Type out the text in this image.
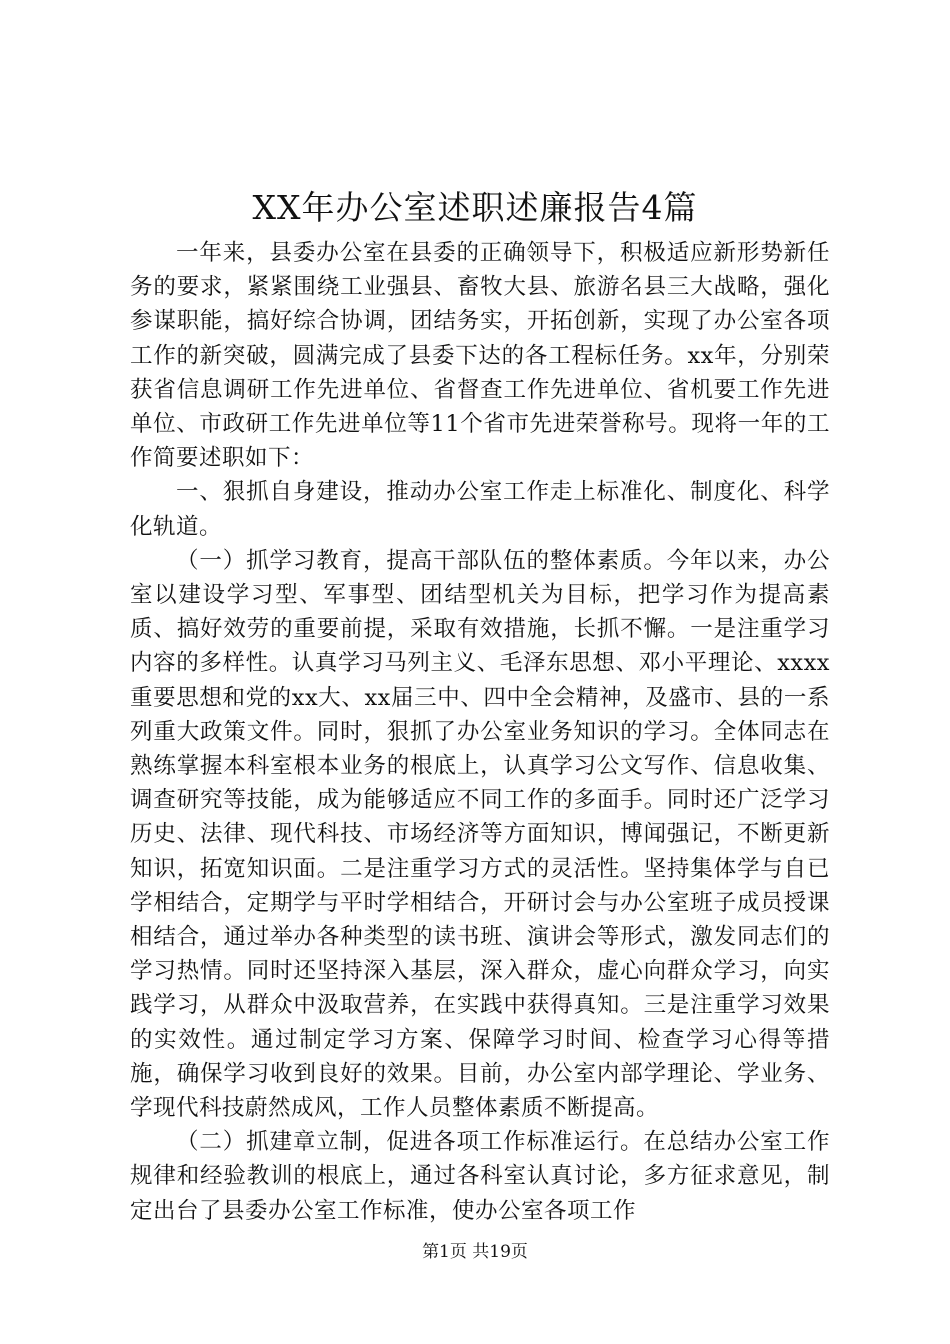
XX年办公室述职述廉报告4篇

一年来，县委办公室在县委的正确领导下，积极适应新形势新任务的要求，紧紧围绕工业强县、畜牧大县、旅游名县三大战略，强化参谋职能，搞好综合协调，团结务实，开拓创新，实现了办公室各项工作的新突破，圆满完成了县委下达的各工程标任务。xx年，分别荣获省信息调研工作先进单位、省督查工作先进单位、省机要工作先进单位、市政研工作先进单位等11个省市先进荣誉称号。现将一年的工作简要述职如下：

一、狠抓自身建设，推动办公室工作走上标准化、制度化、科学化轨道。

（一）抓学习教育，提高干部队伍的整体素质。今年以来，办公室以建设学习型、军事型、团结型机关为目标，把学习作为提高素质、搞好效劳的重要前提，采取有效措施，长抓不懈。一是注重学习内容的多样性。认真学习马列主义、毛泽东思想、邓小平理论、xxxx重要思想和党的xx大、xx届三中、四中全会精神，及盛市、县的一系列重大政策文件。同时，狠抓了办公室业务知识的学习。全体同志在熟练掌握本科室根本业务的根底上，认真学习公文写作、信息收集、调查研究等技能，成为能够适应不同工作的多面手。同时还广泛学习历史、法律、现代科技、市场经济等方面知识，博闻强记，不断更新知识，拓宽知识面。二是注重学习方式的灵活性。坚持集体学与自已学相结合，定期学与平时学相结合，开研讨会与办公室班子成员授课相结合，通过举办各种类型的读书班、演讲会等形式，激发同志们的学习热情。同时还坚持深入基层，深入群众，虚心向群众学习，向实践学习，从群众中汲取营养，在实践中获得真知。三是注重学习效果的实效性。通过制定学习方案、保障学习时间、检查学习心得等措施，确保学习收到良好的效果。目前，办公室内部学理论、学业务、学现代科技蔚然成风，工作人员整体素质不断提高。

（二）抓建章立制，促进各项工作标准运行。在总结办公室工作规律和经验教训的根底上，通过各科室认真讨论，多方征求意见，制定出台了县委办公室工作标准，使办公室各项工作

第1页 共19页
